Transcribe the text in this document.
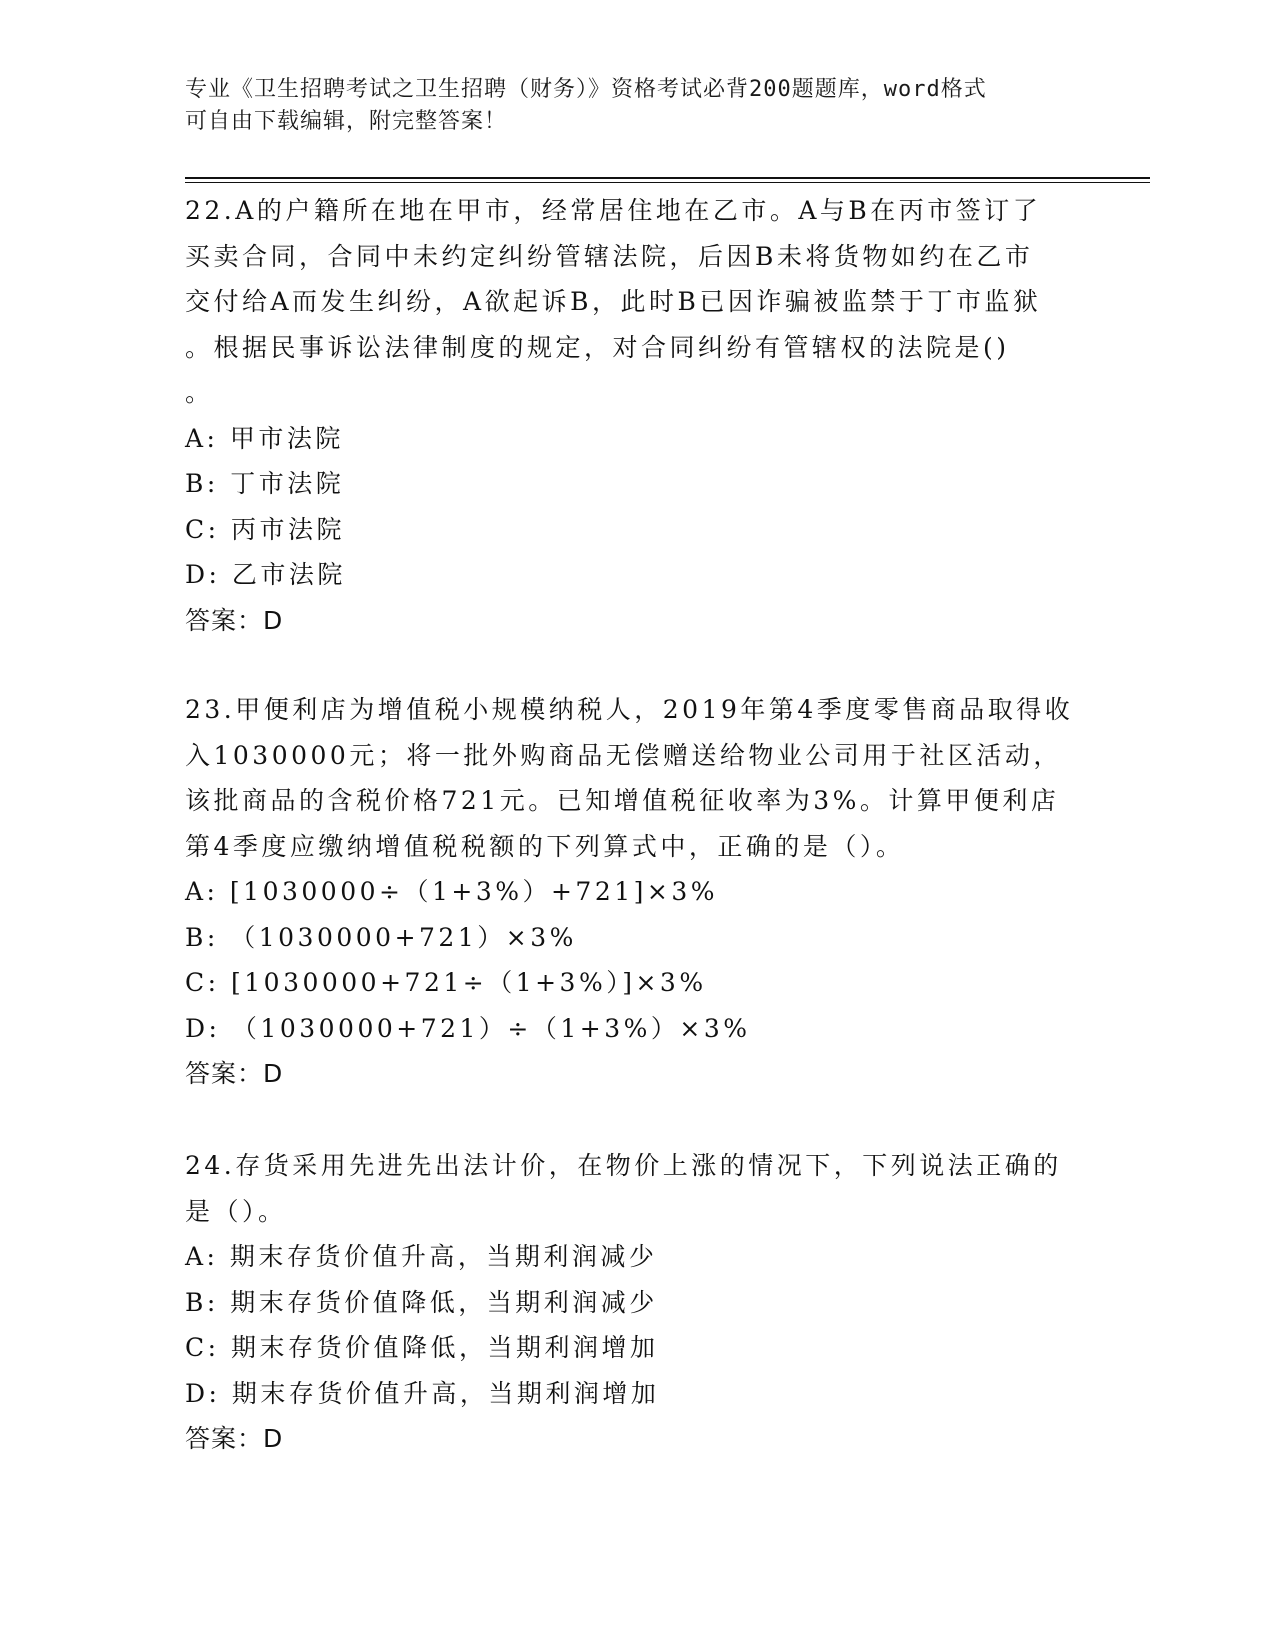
专业《卫生招聘考试之卫生招聘（财务）》资格考试必背200题题库，word格式
可自由下载编辑，附完整答案！
22.A的户籍所在地在甲市，经常居住地在乙市。A与B在丙市签订了
买卖合同，合同中未约定纠纷管辖法院，后因B未将货物如约在乙市
交付给A而发生纠纷，A欲起诉B，此时B已因诈骗被监禁于丁市监狱
。根据民事诉讼法律制度的规定，对合同纠纷有管辖权的法院是()
。
A: 甲市法院
B: 丁市法院
C: 丙市法院
D: 乙市法院
答案：D
23.甲便利店为增值税小规模纳税人，2019年第4季度零售商品取得收
入1030000元；将一批外购商品无偿赠送给物业公司用于社区活动，
该批商品的含税价格721元。已知增值税征收率为3%。计算甲便利店
第4季度应缴纳增值税税额的下列算式中，正确的是（）。
A: [1030000÷（1+3%）+721]×3%
B: （1030000+721）×3%
C: [1030000+721÷（1+3%）]×3%
D: （1030000+721）÷（1+3%）×3%
答案：D
24.存货采用先进先出法计价，在物价上涨的情况下，下列说法正确的
是（）。
A: 期末存货价值升高，当期利润减少
B: 期末存货价值降低，当期利润减少
C: 期末存货价值降低，当期利润增加
D: 期末存货价值升高，当期利润增加
答案：D
